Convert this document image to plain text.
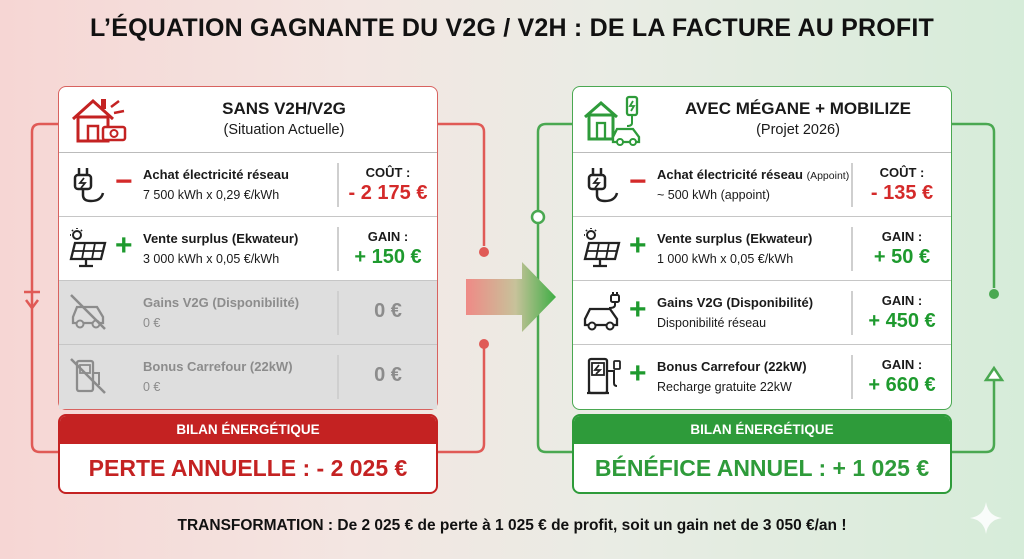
L’ÉQUATION GAGNANTE DU V2G / V2H : DE LA FACTURE AU PROFIT
SANS V2H/V2G
(Situation Actuelle)
− Achat électricité réseau
7 500 kWh x 0,29 €/kWh
COÛT :
- 2 175 €
+ Vente surplus (Ekwateur)
3 000 kWh x 0,05 €/kWh
GAIN :
+ 150 €
Gains V2G (Disponibilité)
0 €
0 €
Bonus Carrefour (22kW)
0 €
0 €
BILAN ÉNERGÉTIQUE
PERTE ANNUELLE : - 2 025 €
AVEC MÉGANE + MOBILIZE
(Projet 2026)
− Achat électricité réseau (Appoint)
~ 500 kWh (appoint)
COÛT :
- 135 €
+ Vente surplus (Ekwateur)
1 000 kWh x 0,05 €/kWh
GAIN :
+ 50 €
+ Gains V2G (Disponibilité)
Disponibilité réseau
GAIN :
+ 450 €
+ Bonus Carrefour (22kW)
Recharge gratuite 22kW
GAIN :
+ 660 €
BILAN ÉNERGÉTIQUE
BÉNÉFICE ANNUEL : + 1 025 €
TRANSFORMATION : De 2 025 € de perte à 1 025 € de profit, soit un gain net de 3 050 €/an !
